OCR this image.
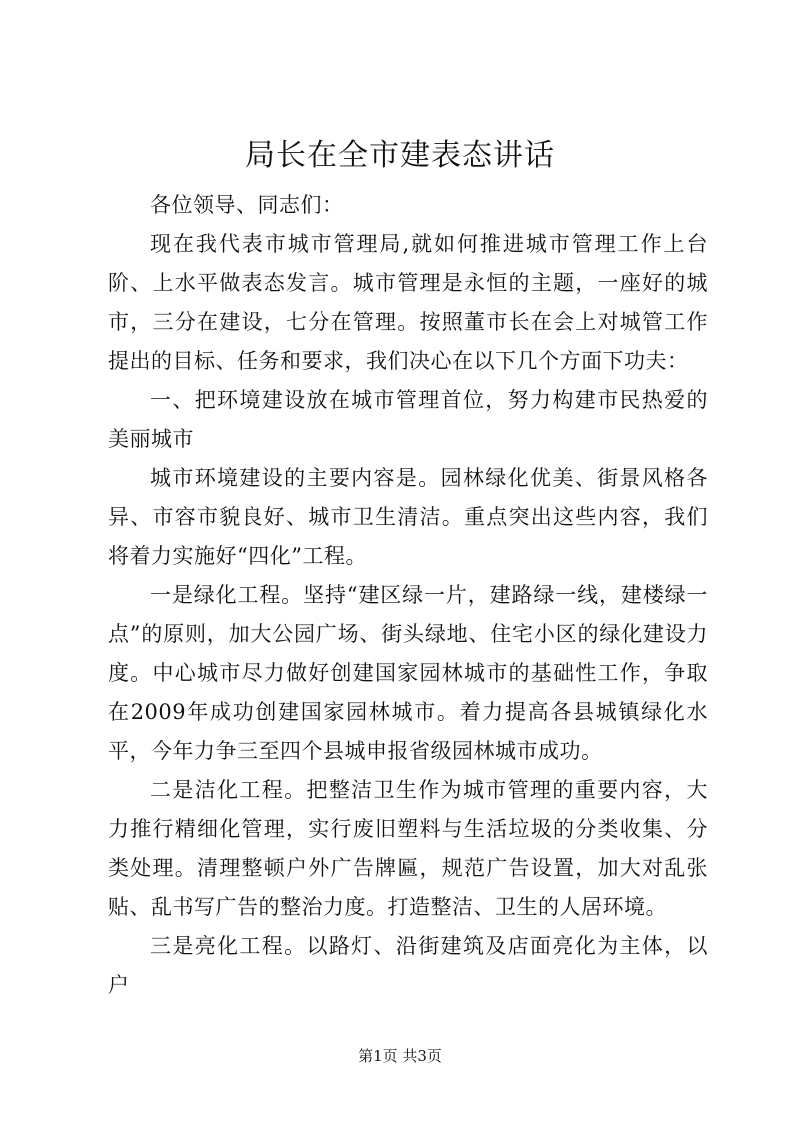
局长在全市建表态讲话

各位领导、同志们：

现在我代表市城市管理局,就如何推进城市管理工作上台阶、上水平做表态发言。城市管理是永恒的主题，一座好的城市，三分在建设，七分在管理。按照董市长在会上对城管工作提出的目标、任务和要求，我们决心在以下几个方面下功夫：

一、把环境建设放在城市管理首位，努力构建市民热爱的美丽城市

城市环境建设的主要内容是。园林绿化优美、街景风格各异、市容市貌良好、城市卫生清洁。重点突出这些内容，我们将着力实施好“四化”工程。

一是绿化工程。坚持“建区绿一片，建路绿一线，建楼绿一点”的原则，加大公园广场、街头绿地、住宅小区的绿化建设力度。中心城市尽力做好创建国家园林城市的基础性工作，争取在2009年成功创建国家园林城市。着力提高各县城镇绿化水平，今年力争三至四个县城申报省级园林城市成功。

二是洁化工程。把整洁卫生作为城市管理的重要内容，大力推行精细化管理，实行废旧塑料与生活垃圾的分类收集、分类处理。清理整顿户外广告牌匾，规范广告设置，加大对乱张贴、乱书写广告的整治力度。打造整洁、卫生的人居环境。

三是亮化工程。以路灯、沿街建筑及店面亮化为主体，以户

第1页 共3页
